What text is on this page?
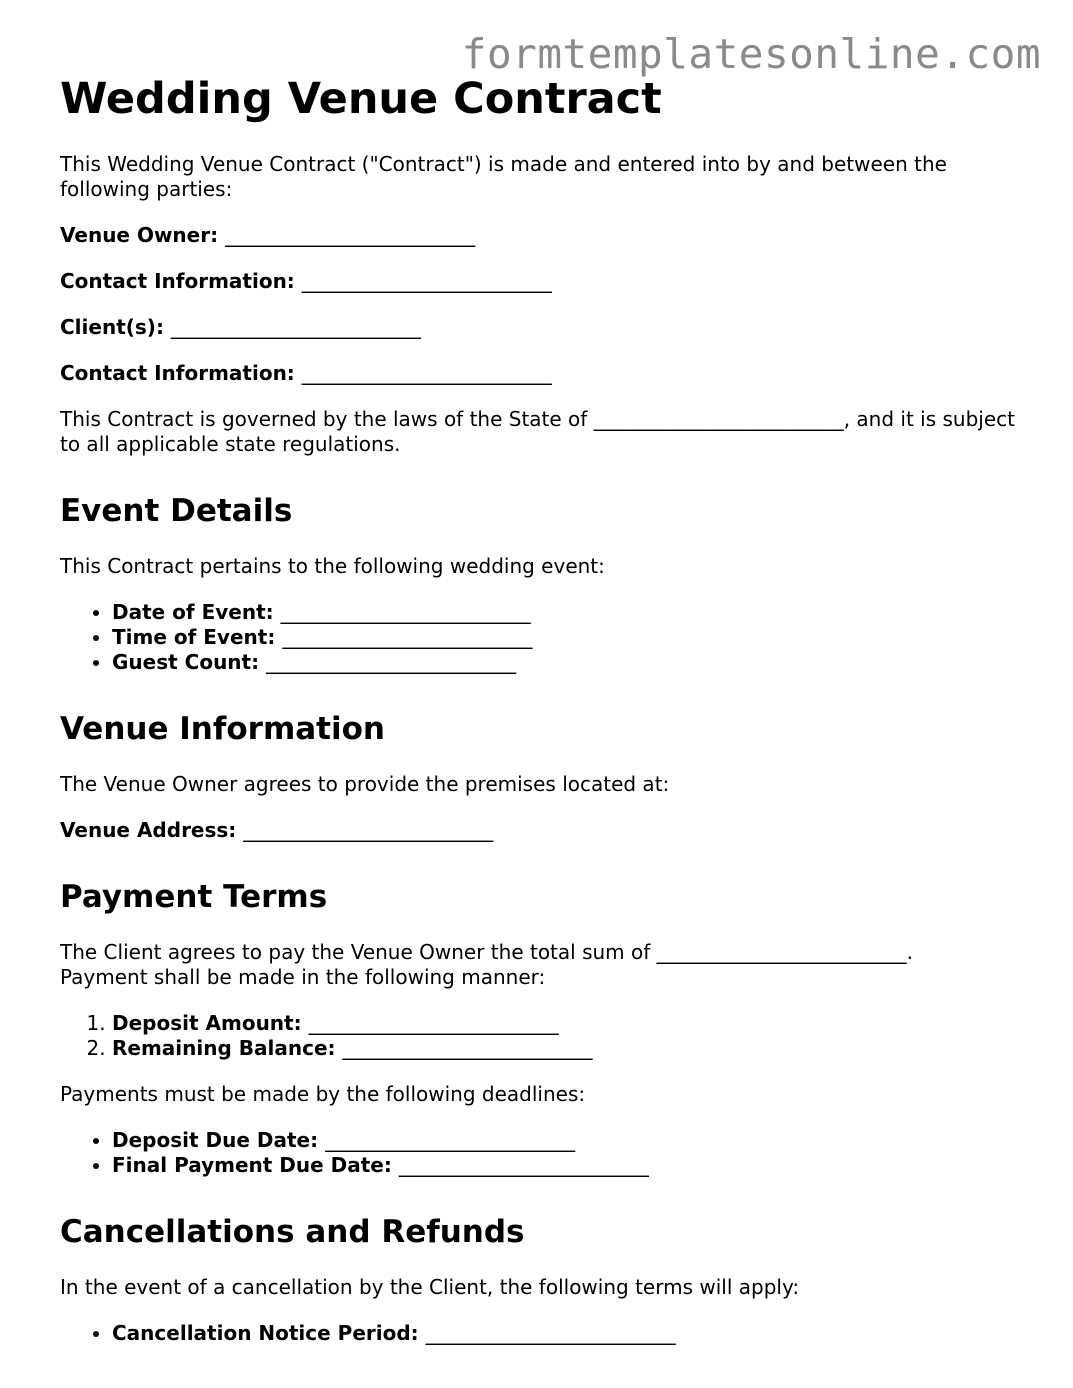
formtemplatesonline.com
Wedding Venue Contract

This Wedding Venue Contract ("Contract") is made and entered into by and between the following parties:

Venue Owner: _________________________

Contact Information: _________________________

Client(s): _________________________

Contact Information: _________________________

This Contract is governed by the laws of the State of _________________________, and it is subject to all applicable state regulations.

Event Details

This Contract pertains to the following wedding event:

• Date of Event: _________________________
• Time of Event: _________________________
• Guest Count: _________________________
Venue Information

The Venue Owner agrees to provide the premises located at:

Venue Address: _________________________

Payment Terms

The Client agrees to pay the Venue Owner the total sum of _________________________.
Payment shall be made in the following manner:

1. Deposit Amount: _________________________
2. Remaining Balance: _________________________

Payments must be made by the following deadlines:

• Deposit Due Date: _________________________
• Final Payment Due Date: _________________________
Cancellations and Refunds

In the event of a cancellation by the Client, the following terms will apply:

• Cancellation Notice Period: _________________________
